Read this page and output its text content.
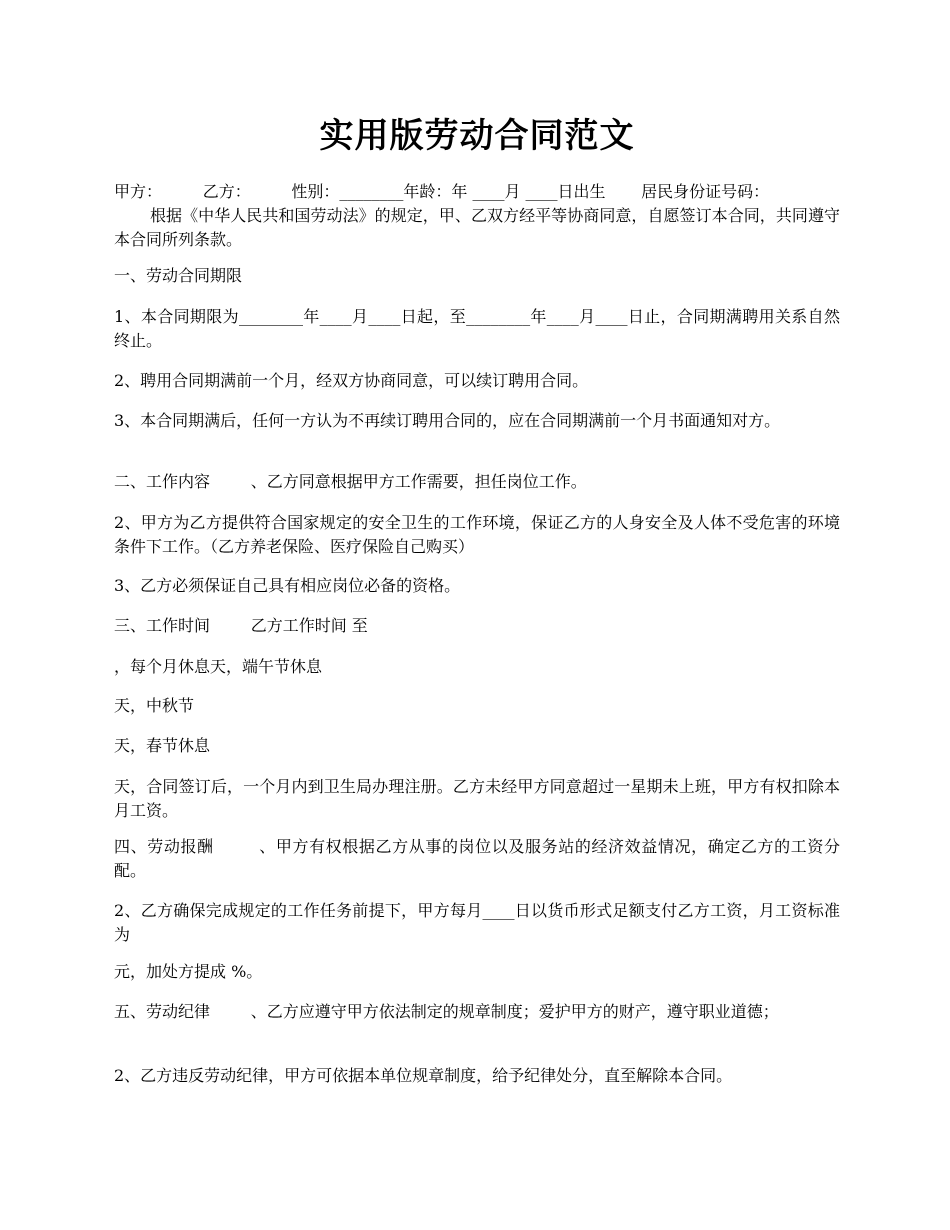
实用版劳动合同范文
甲方：        乙方：        性别：________年龄：年 ____月 ____日出生       居民身份证号码：
根据《中华人民共和国劳动法》的规定，甲、乙双方经平等协商同意，自愿签订本合同，共同遵守本合同所列条款。
一、劳动合同期限
1、本合同期限为________年____月____日起，至________年____月____日止，合同期满聘用关系自然终止。
2、聘用合同期满前一个月，经双方协商同意，可以续订聘用合同。
3、本合同期满后，任何一方认为不再续订聘用合同的，应在合同期满前一个月书面通知对方。
二、工作内容        、乙方同意根据甲方工作需要，担任岗位工作。
2、甲方为乙方提供符合国家规定的安全卫生的工作环境，保证乙方的人身安全及人体不受危害的环境条件下工作。（乙方养老保险、医疗保险自己购买）
3、乙方必须保证自己具有相应岗位必备的资格。
三、工作时间        乙方工作时间 至
，每个月休息天，端午节休息
天，中秋节
天，春节休息
天，合同签订后，一个月内到卫生局办理注册。乙方未经甲方同意超过一星期未上班，甲方有权扣除本月工资。
四、劳动报酬        、甲方有权根据乙方从事的岗位以及服务站的经济效益情况，确定乙方的工资分配。
2、乙方确保完成规定的工作任务前提下，甲方每月____日以货币形式足额支付乙方工资，月工资标准为
元，加处方提成 %。
五、劳动纪律        、乙方应遵守甲方依法制定的规章制度；爱护甲方的财产，遵守职业道德；
2、乙方违反劳动纪律，甲方可依据本单位规章制度，给予纪律处分，直至解除本合同。
